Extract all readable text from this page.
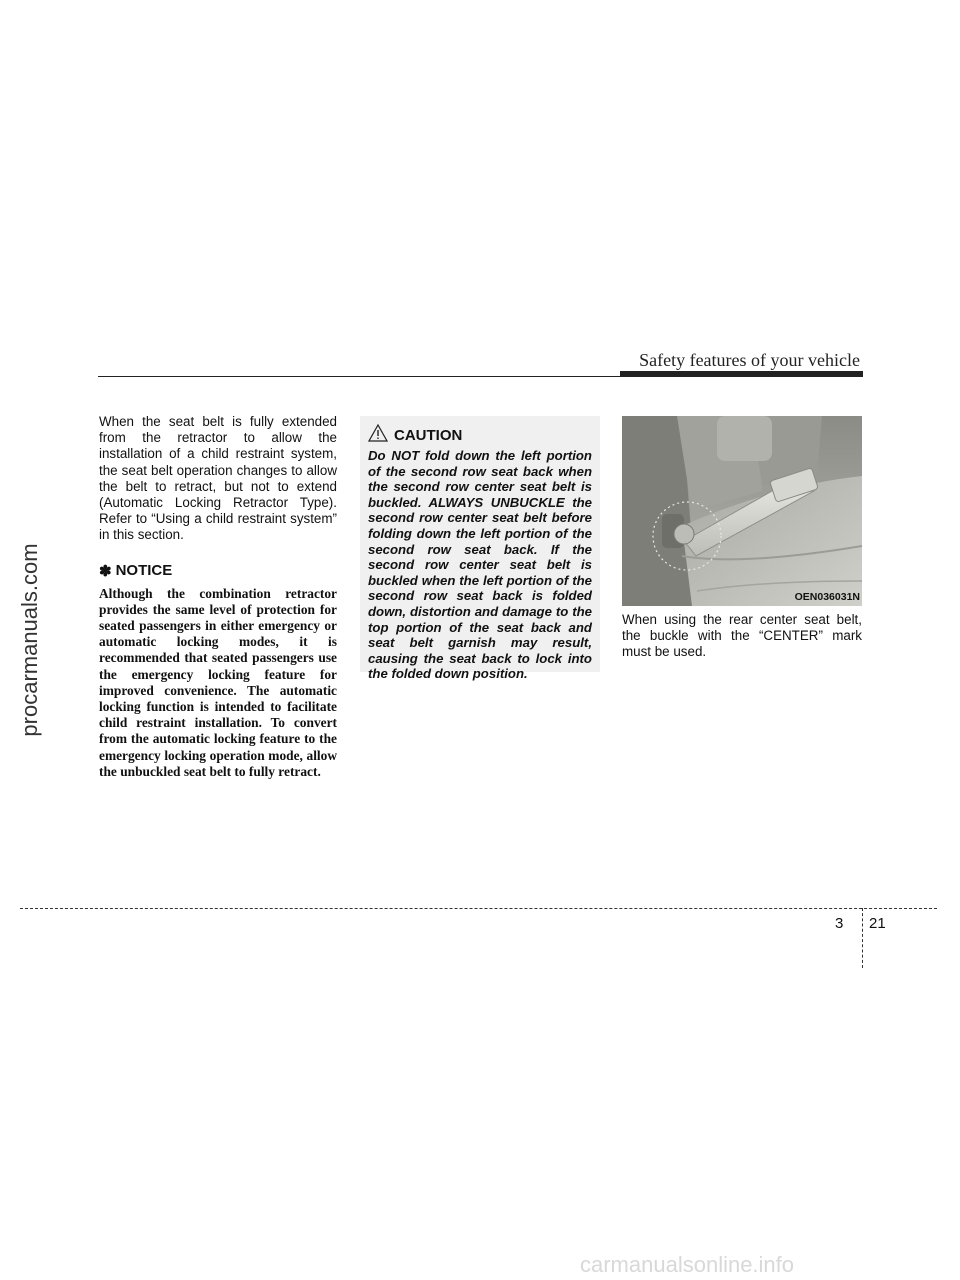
Safety features of your vehicle

When the seat belt is fully extended from the retractor to allow the installation of a child restraint system, the seat belt operation changes to allow the belt to retract, but not to extend (Automatic Locking Retractor Type). Refer to “Using a child restraint system” in this section.

✽ NOTICE

Although the combination retractor provides the same level of protection for seated passengers in either emergency or automatic locking modes, it is recommended that seated passengers use the emergency locking feature for improved convenience. The automatic locking function is intended to facilitate child restraint installation. To convert from the automatic locking feature to the emergency locking operation mode, allow the unbuckled seat belt to fully retract.

CAUTION

Do NOT fold down the left portion of the second row seat back when the second row center seat belt is buckled. ALWAYS UNBUCKLE the second row center seat belt before folding down the left portion of the second row seat back. If the second row center seat belt is buckled when the left portion of the second row seat back is folded down, distortion and damage to the top portion of the seat back and seat belt garnish may result, causing the seat back to lock into the folded down position.

OEN036031N

When using the rear center seat belt, the buckle with the “CENTER” mark must be used.

3 21
procarmanuals.com
carmanualsonline.info
